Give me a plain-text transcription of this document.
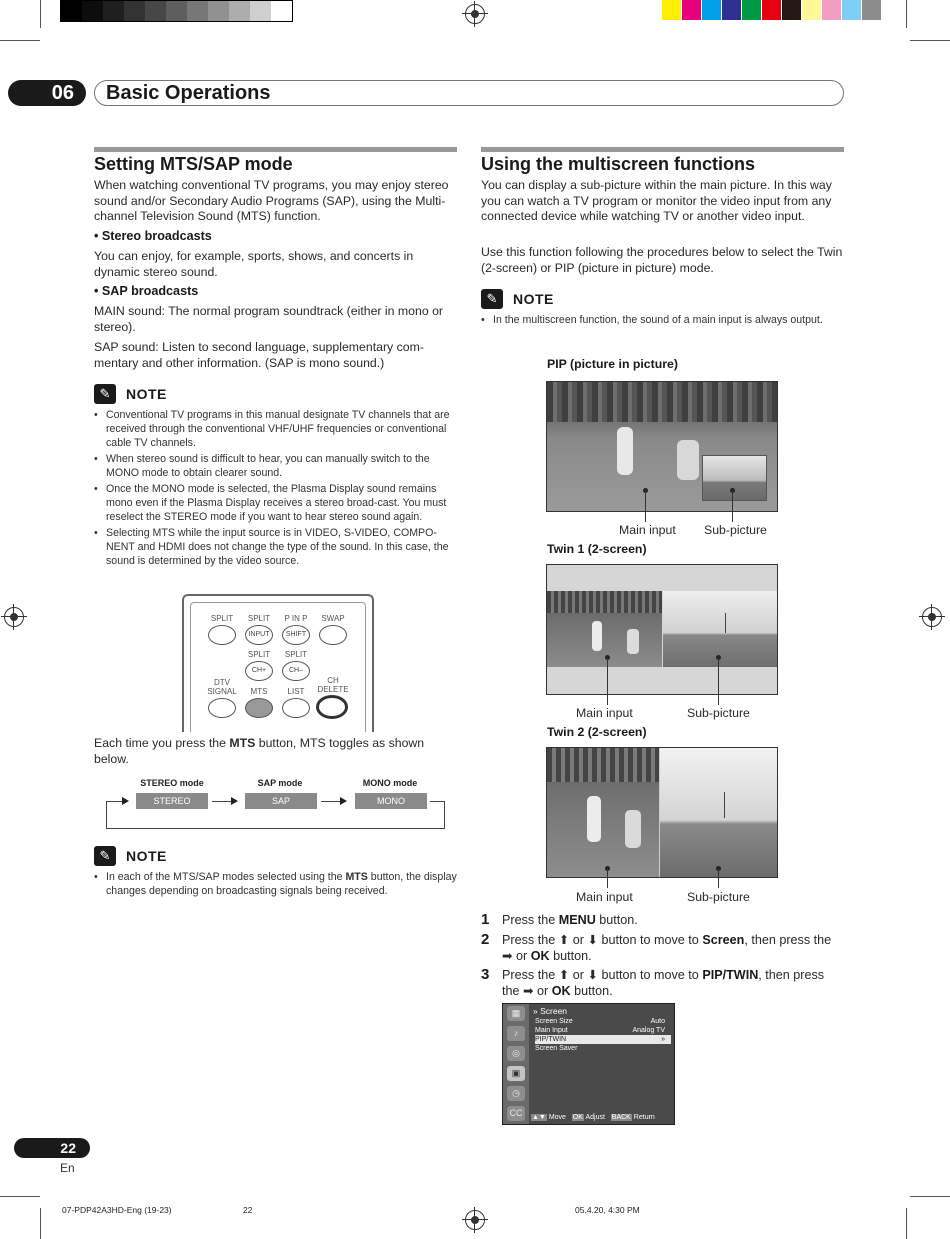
06	Basic Operations
Setting MTS/SAP mode

When watching conventional TV programs, you may enjoy stereo sound and/or Secondary Audio Programs (SAP), using the Multi-channel Television Sound (MTS) function.

• Stereo broadcasts

You can enjoy, for example, sports, shows, and concerts in dynamic stereo sound.

• SAP broadcasts

MAIN sound: The normal program soundtrack (either in mono or stereo).

SAP sound: Listen to second language, supplementary com-mentary and other information. (SAP is mono sound.)

✎	NOTE
• Conventional TV programs in this manual designate TV channels that are received through the conventional VHF/UHF frequencies or conventional cable TV channels.
• When stereo sound is difficult to hear, you can manually switch to the MONO mode to obtain clearer sound.
• Once the MONO mode is selected, the Plasma Display sound remains mono even if the Plasma Display receives a stereo broad-cast. You must reselect the STEREO mode if you want to hear stereo sound again.
• Selecting MTS while the input source is in VIDEO, S-VIDEO, COMPO-NENT and HDMI does not change the type of the sound. In this case, the sound is determined by the video source.
SPLIT	SPLIT	P IN P	SWAP
INPUT	SHIFT
SPLIT	SPLIT
CH+	CH–
DTV SIGNAL	MTS	LIST
CH DELETE

Each time you press the MTS button, MTS toggles as shown below.

STEREO mode	SAP mode	MONO mode
STEREO	SAP	MONO
✎	NOTE
• In each of the MTS/SAP modes selected using the MTS button, the display changes depending on broadcasting signals being received.
Using the multiscreen functions

You can display a sub-picture within the main picture. In this way you can watch a TV program or monitor the video input from any connected device while watching TV or another video input.

Use this function following the procedures below to select the Twin (2-screen) or PIP (picture in picture) mode.

✎	NOTE
• In the multiscreen function, the sound of a main input is always output.
PIP (picture in picture)
Main input Sub-picture
Twin 1 (2-screen)
Main input	Sub-picture
Twin 2 (2-screen)
Main input	Sub-picture
1 Press the MENU button.

2 Press the ⬆ or ⬇ button to move to Screen, then press the ➡ or OK button.

3 Press the ⬆ or ⬇ button to move to PIP/TWIN, then press the ➡ or OK button.

▦
♪
◎
▣
◷
CC
» Screen
Screen Size	Auto
Main Input	Analog TV
PIP/TWIN	»
Screen Saver
▲▼ Move OK Adjust BACK Return
22
En
07-PDP42A3HD-Eng (19-23)	22	05.4.20, 4:30 PM
